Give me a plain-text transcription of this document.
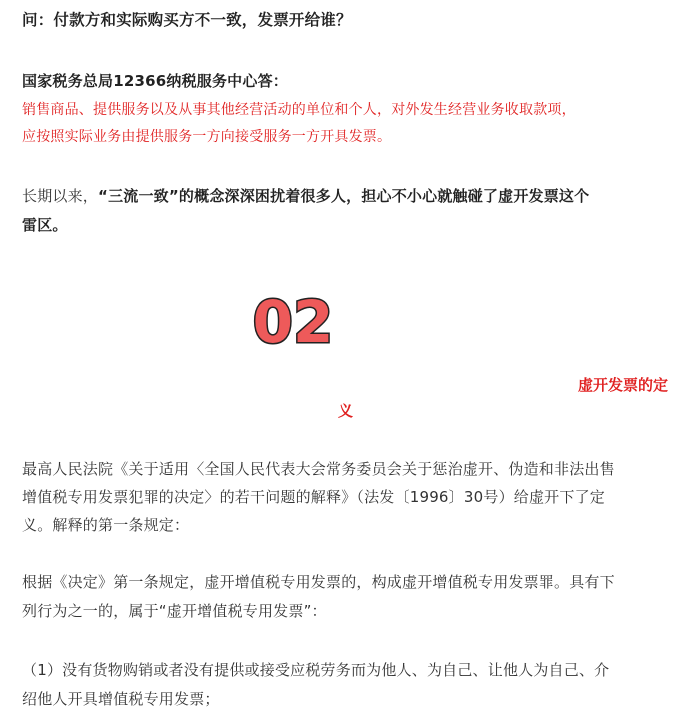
问：付款方和实际购买方不一致，发票开给谁？
国家税务总局12366纳税服务中心答：
销售商品、提供服务以及从事其他经营活动的单位和个人，对外发生经营业务收取款项，
应按照实际业务由提供服务一方向接受服务一方开具发票。
长期以来，“三流一致”的概念深深困扰着很多人，担心不小心就触碰了虚开发票这个
雷区。
02
虚开发票的定
义
最高人民法院《关于适用〈全国人民代表大会常务委员会关于惩治虚开、伪造和非法出售
增值税专用发票犯罪的决定〉的若干问题的解释》（法发〔1996〕30号）给虚开下了定
义。解释的第一条规定：
根据《决定》第一条规定，虚开增值税专用发票的，构成虚开增值税专用发票罪。具有下
列行为之一的，属于“虚开增值税专用发票”：
（1）没有货物购销或者没有提供或接受应税劳务而为他人、为自己、让他人为自己、介
绍他人开具增值税专用发票；
